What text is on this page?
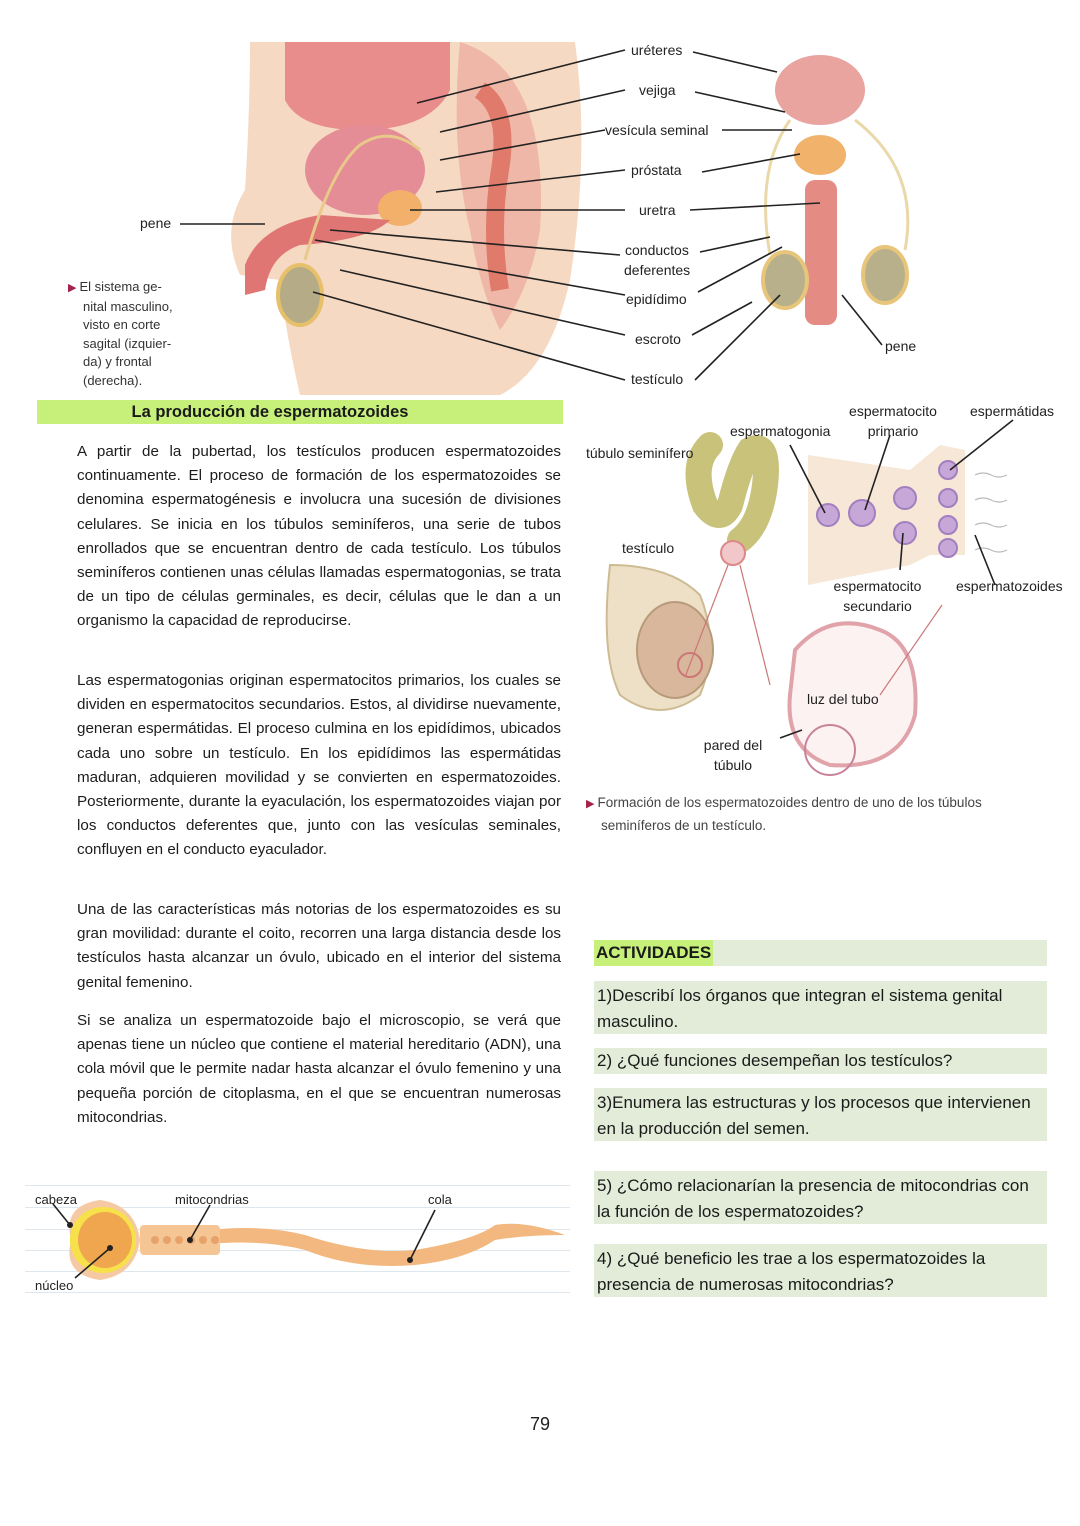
pene
uréteres
vejiga
vesícula seminal
próstata
uretra
conductos
deferentes
epidídimo
escroto
testículo
pene
▶ El sistema ge-
nital masculino,
visto en corte
sagital (izquier-
da) y frontal
(derecha).
La producción de espermatozoides

A partir de la pubertad, los testículos producen espermatozoides continuamente. El proceso de formación de los espermatozoides se denomina espermatogénesis e involucra una sucesión de divisiones celulares. Se inicia en los túbulos seminíferos, una serie de tubos enrollados que se encuentran dentro de cada testículo. Los túbulos seminíferos contienen unas células llamadas espermatogonias, se trata de un tipo de células germinales, es decir, células que le dan a un organismo la capacidad de reproducirse.

Las espermatogonias originan espermatocitos primarios, los cuales se dividen en espermatocitos secundarios. Estos, al dividirse nuevamente, generan espermátidas. El proceso culmina en los epidídimos, ubicados cada uno sobre un testículo. En los epidídimos las espermátidas maduran, adquieren movilidad y se convierten en espermatozoides. Posteriormente, durante la eyaculación, los espermatozoides viajan por los conductos deferentes que, junto con las vesículas seminales, confluyen en el conducto eyaculador.

Una de las características más notorias de los espermatozoides es su gran movilidad: durante el coito, recorren una larga distancia desde los testículos hasta alcanzar un óvulo, ubicado en el interior del sistema genital femenino.

Si se analiza un espermatozoide bajo el microscopio, se verá que apenas tiene un núcleo que contiene el material hereditario (ADN), una cola móvil que le permite nadar hasta alcanzar el óvulo femenino y una pequeña porción de citoplasma, en el que se encuentran numerosas mitocondrias.

túbulo seminífero
espermatogonia
espermatocito
primario
espermátidas
testículo
espermatocito
secundario
espermatozoides
luz del tubo
pared del
túbulo
▶ Formación de los espermatozoides dentro de uno de los túbulos
seminíferos de un testículo.
ACTIVIDADES
1)Describí los órganos que integran el sistema genital masculino.
2) ¿Qué funciones desempeñan los testículos?
3)Enumera las estructuras y los procesos que intervienen en la producción del semen.
5) ¿Cómo relacionarían la presencia de mitocondrias con la función de los espermatozoides?
4) ¿Qué beneficio les trae a los espermatozoides la presencia de numerosas mitocondrias?
cabeza	mitocondrias	cola
núcleo
79
